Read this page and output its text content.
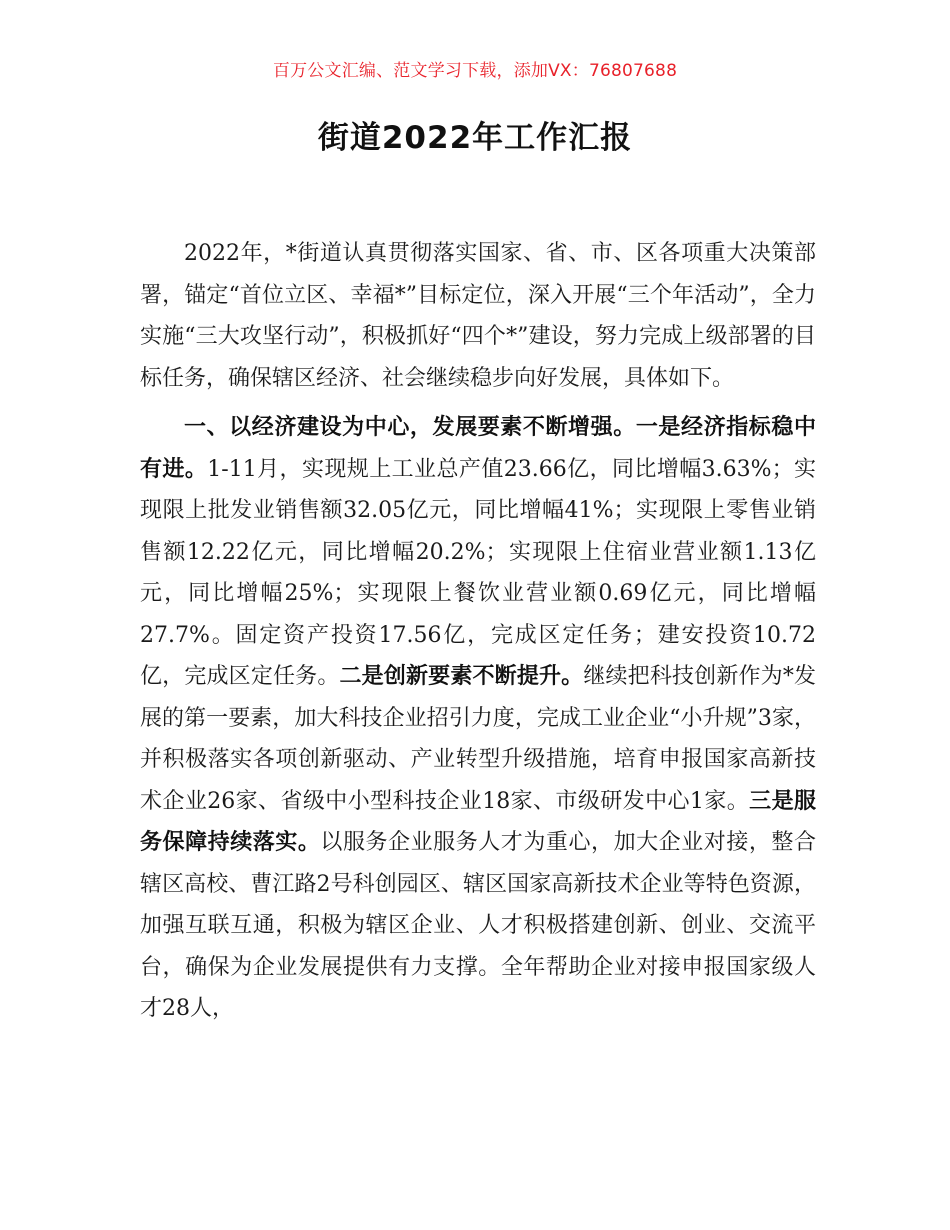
百万公文汇编、范文学习下载，添加VX：76807688
街道2022年工作汇报

2022年，*街道认真贯彻落实国家、省、市、区各项重大决策部署，锚定“首位立区、幸福*”目标定位，深入开展“三个年活动”，全力实施“三大攻坚行动”，积极抓好“四个*”建设，努力完成上级部署的目标任务，确保辖区经济、社会继续稳步向好发展，具体如下。

一、以经济建设为中心，发展要素不断增强。一是经济指标稳中有进。1-11月，实现规上工业总产值23.66亿，同比增幅3.63%；实现限上批发业销售额32.05亿元，同比增幅41%；实现限上零售业销售额12.22亿元，同比增幅20.2%；实现限上住宿业营业额1.13亿元，同比增幅25%；实现限上餐饮业营业额0.69亿元，同比增幅27.7%。固定资产投资17.56亿，完成区定任务；建安投资10.72亿，完成区定任务。二是创新要素不断提升。继续把科技创新作为*发展的第一要素，加大科技企业招引力度，完成工业企业“小升规”3家，并积极落实各项创新驱动、产业转型升级措施，培育申报国家高新技术企业26家、省级中小型科技企业18家、市级研发中心1家。三是服务保障持续落实。以服务企业服务人才为重心，加大企业对接，整合辖区高校、曹江路2号科创园区、辖区国家高新技术企业等特色资源，加强互联互通，积极为辖区企业、人才积极搭建创新、创业、交流平台，确保为企业发展提供有力支撑。全年帮助企业对接申报国家级人才28人，
